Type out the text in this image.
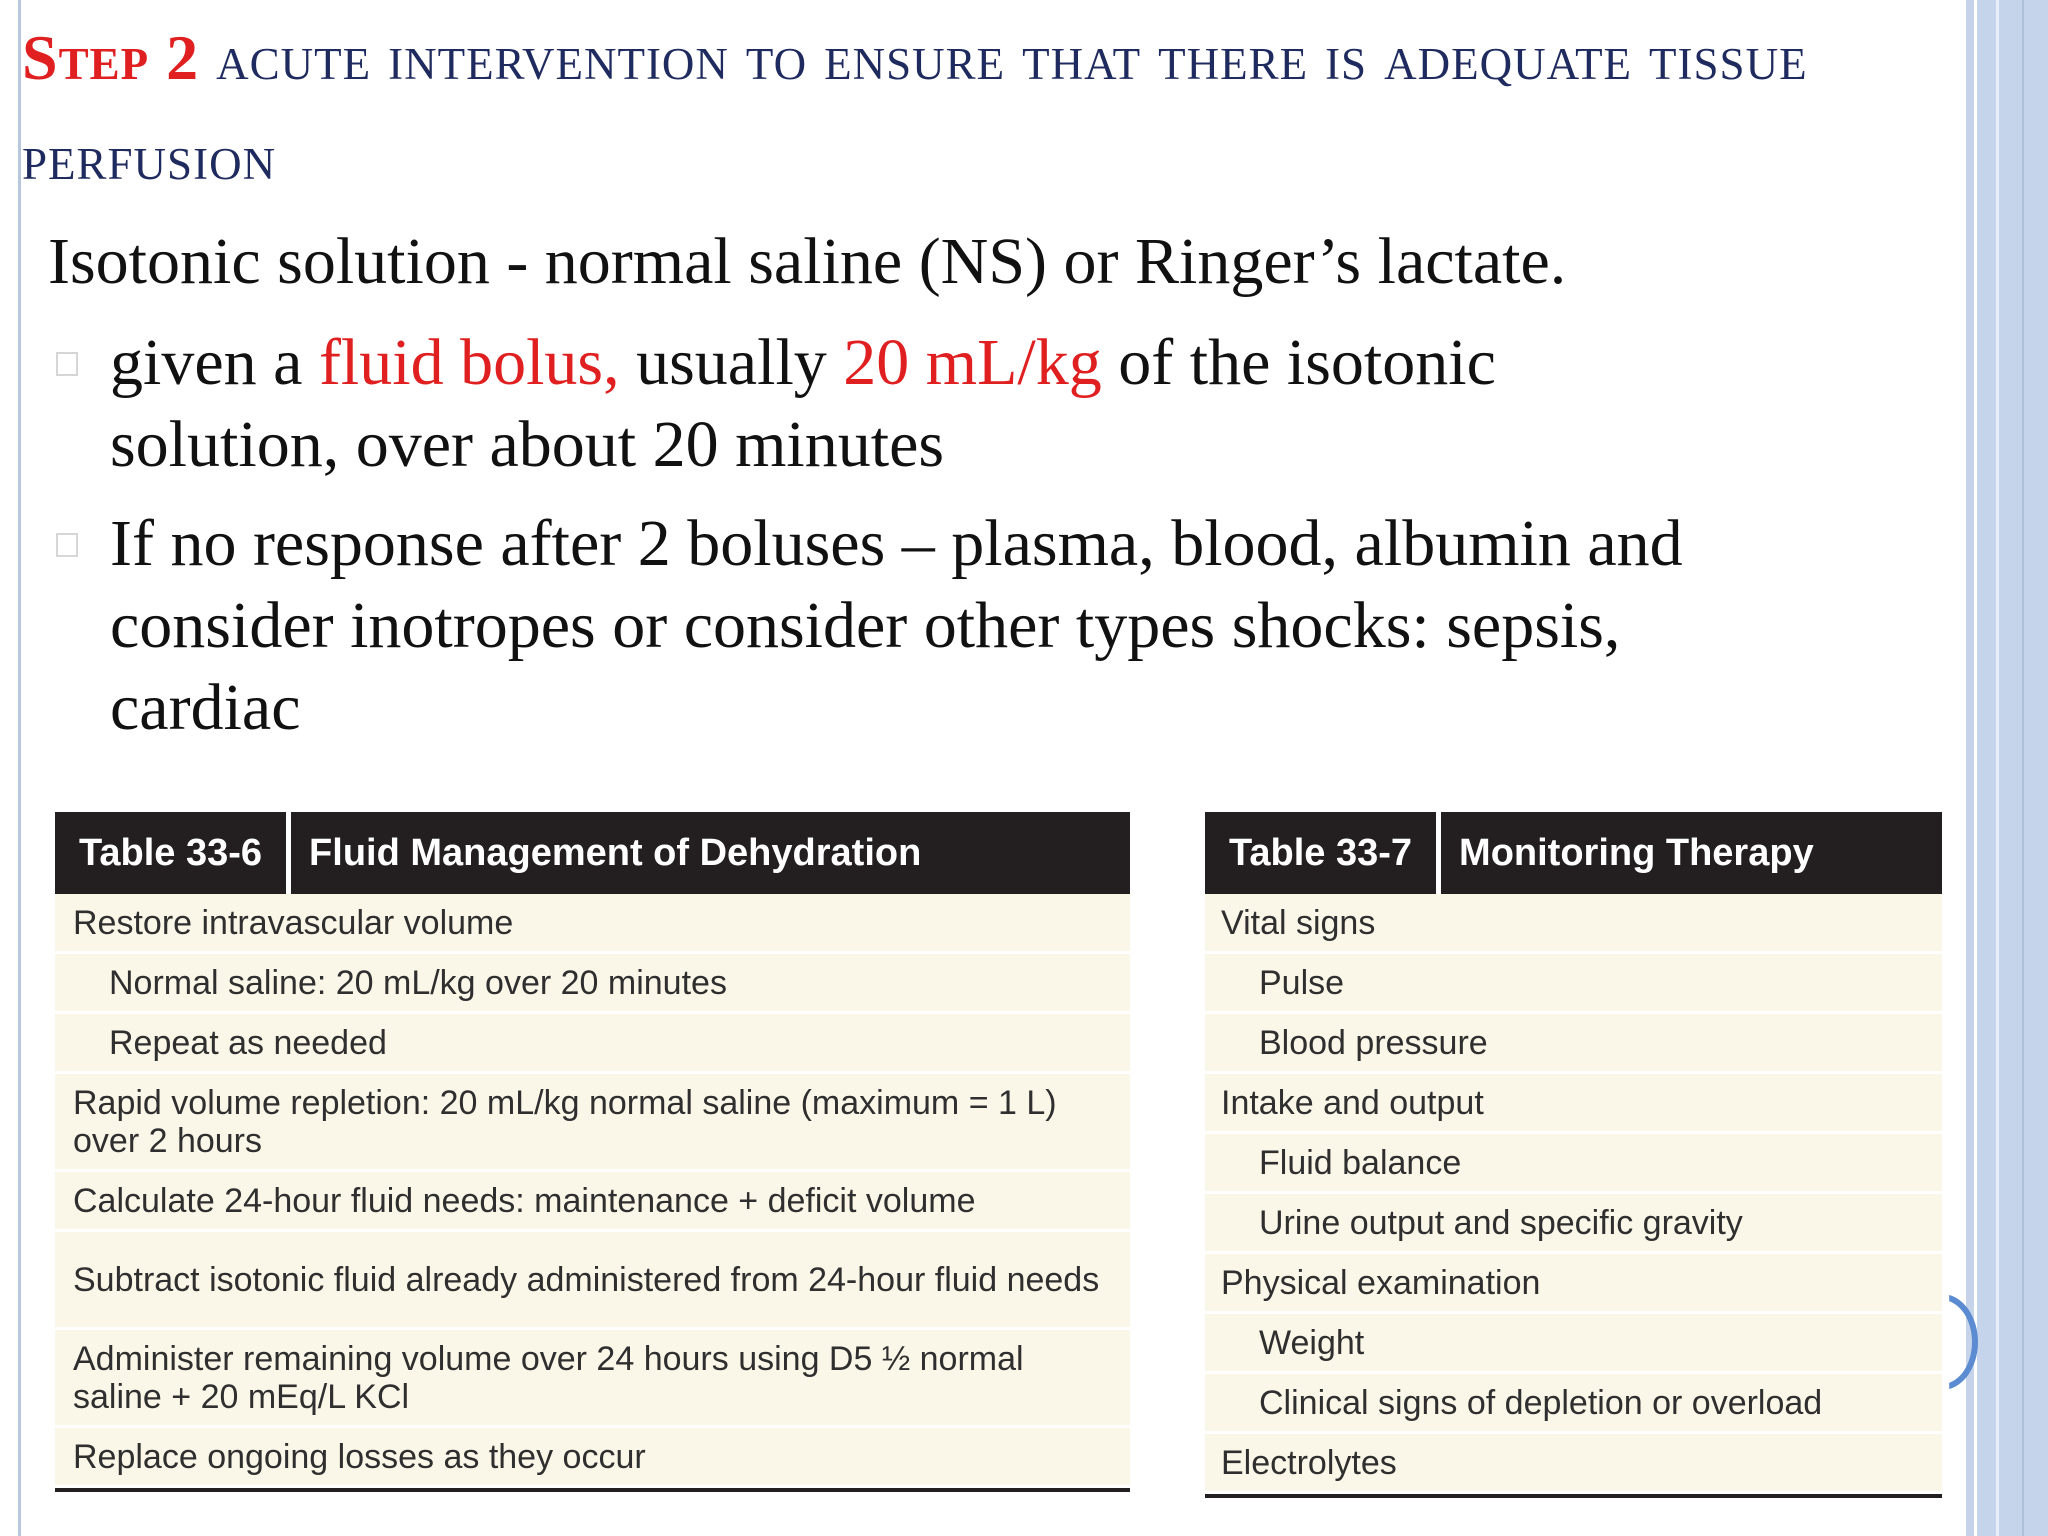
Step 2 acute intervention to ensure that there is adequate tissue perfusion
Isotonic solution - normal saline (NS) or Ringer’s lactate.
given a fluid bolus, usually 20 mL/kg of the isotonic
solution, over about 20 minutes
If no response after 2 boluses – plasma, blood, albumin and
consider inotropes or consider other types shocks: sepsis,
cardiac
Table 33-6	Fluid Management of Dehydration
Restore intravascular volume
Normal saline: 20 mL/kg over 20 minutes
Repeat as needed
Rapid volume repletion: 20 mL/kg normal saline (maximum = 1 L) over 2 hours
Calculate 24-hour fluid needs: maintenance + deficit volume
Subtract isotonic fluid already administered from 24-hour fluid needs
Administer remaining volume over 24 hours using D5 ½ normal saline + 20 mEq/L KCl
Replace ongoing losses as they occur
Table 33-7	Monitoring Therapy
Vital signs
Pulse
Blood pressure
Intake and output
Fluid balance
Urine output and specific gravity
Physical examination
Weight
Clinical signs of depletion or overload
Electrolytes
